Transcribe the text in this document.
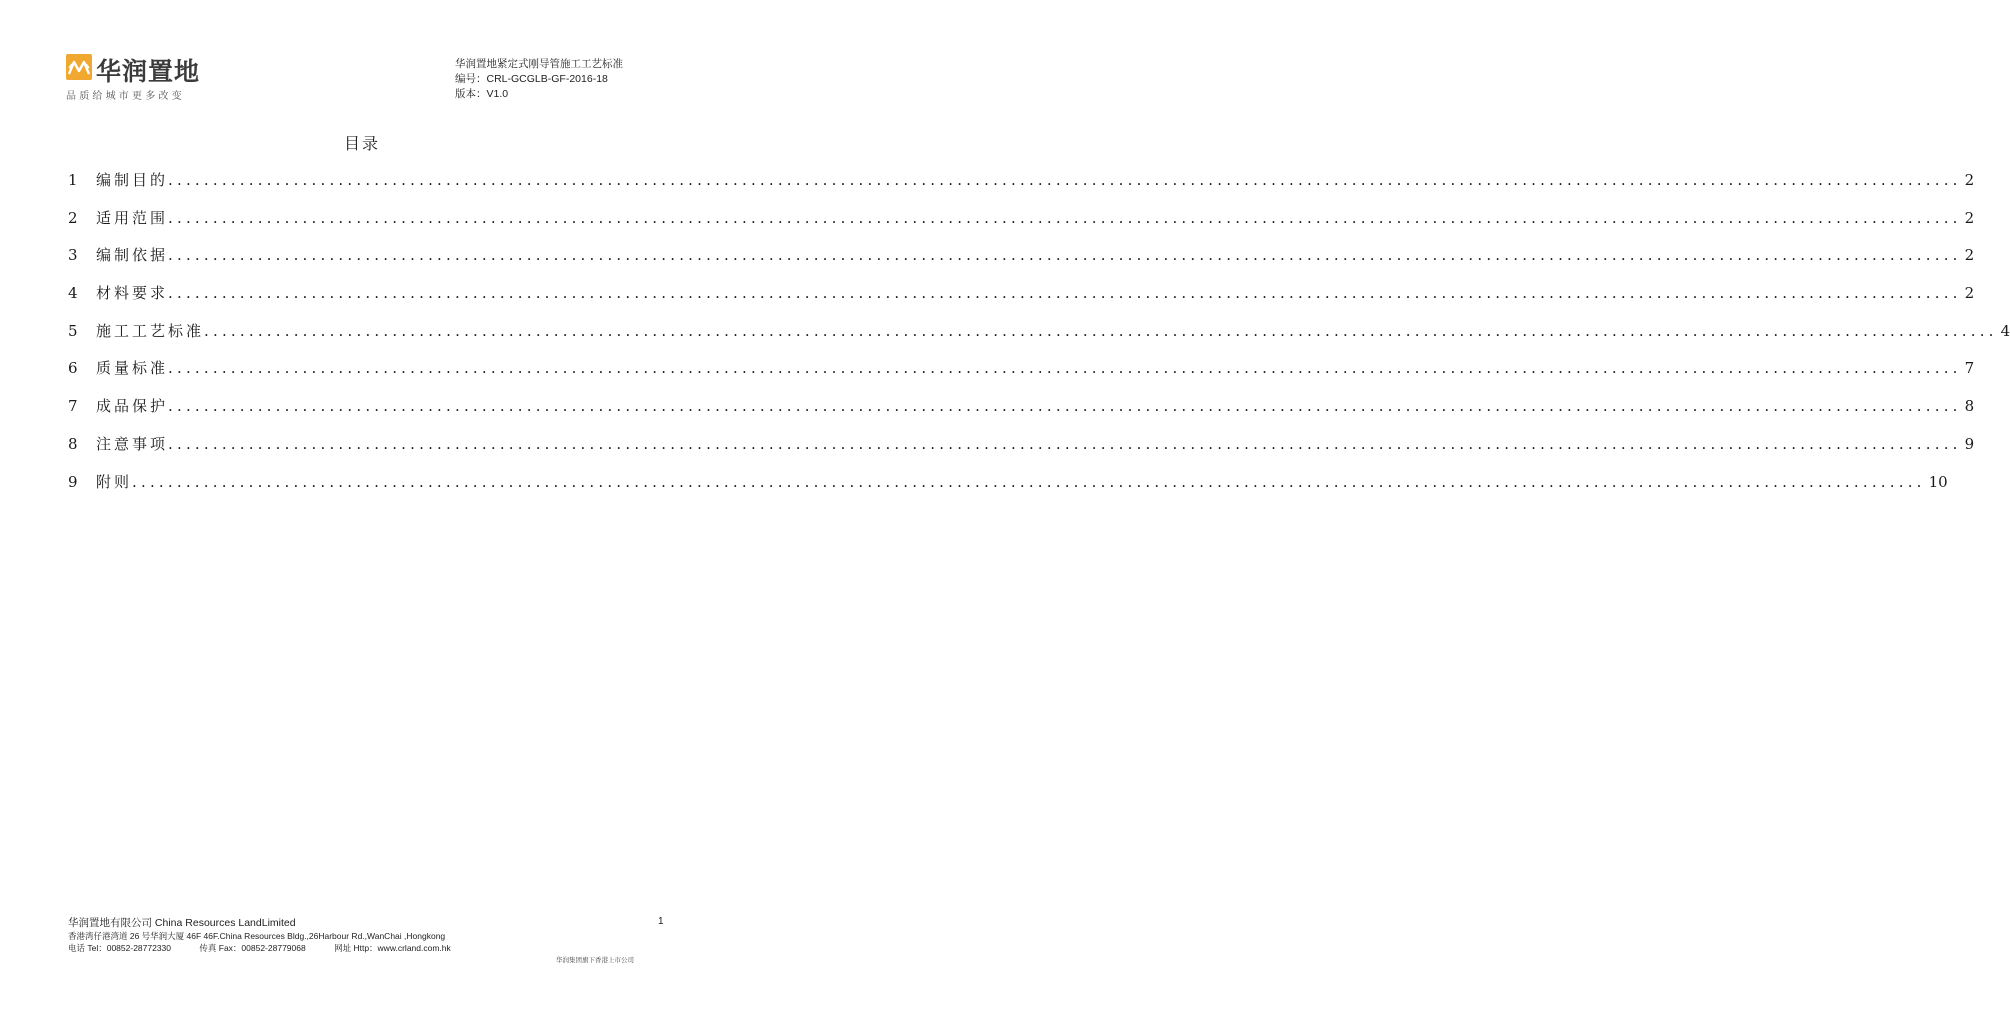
华润置地
品质给城市更多改变
华润置地紧定式刚导管施工工艺标准
编号：CRL-GCGLB-GF-2016-18
版本：V1.0
目录
1	编制目的 ........................................................................................................................................................................................................ 2
2	适用范围 ........................................................................................................................................................................................................ 2
3	编制依据 ........................................................................................................................................................................................................ 2
4	材料要求 ........................................................................................................................................................................................................ 2
5	施工工艺标准 ........................................................................................................................................................................................................ 4
6	质量标准 ........................................................................................................................................................................................................ 7
7	成品保护 ........................................................................................................................................................................................................ 8
8	注意事项 ........................................................................................................................................................................................................ 9
9	附则 ........................................................................................................................................................................................................ 10
华润置地有限公司 China Resources LandLimited
香港湾仔港湾道 26 号华润大厦 46F 46F.China Resources Bldg.,26Harbour Rd.,WanChai ,Hongkong
电话 Tel：00852-28772330	传真 Fax：00852-28779068	网址 Http：www.crland.com.hk
1
华润集团旗下香港上市公司
